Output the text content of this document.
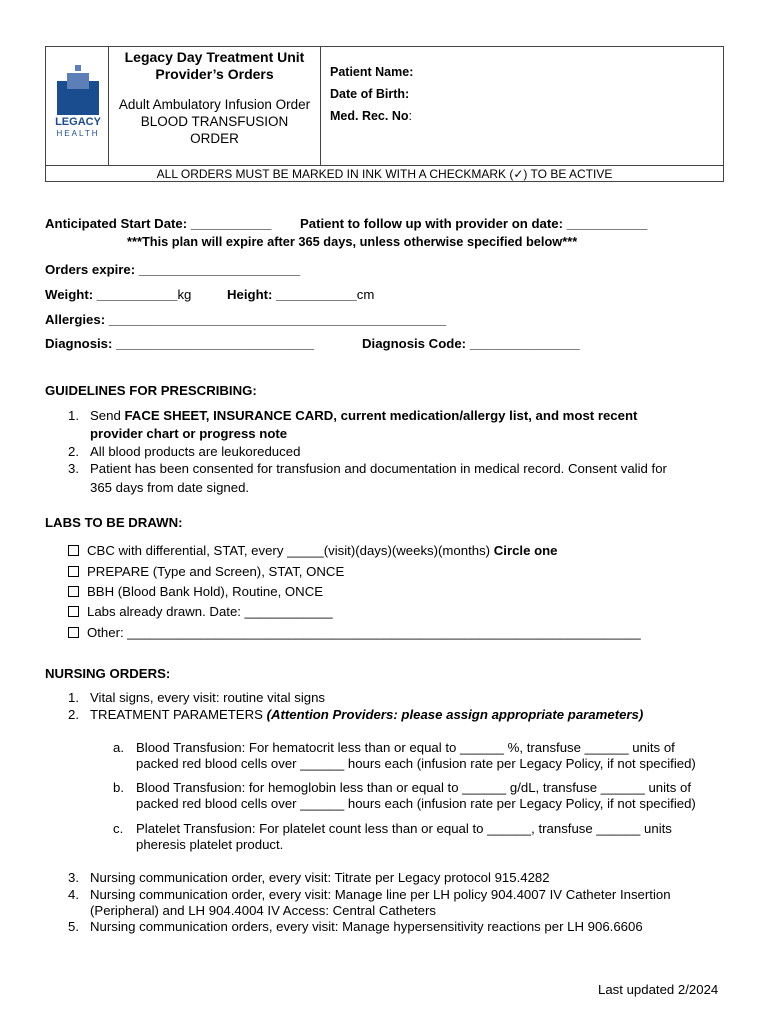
LEGACY
HEALTH
Legacy Day Treatment Unit
Provider’s Orders
Adult Ambulatory Infusion Order
BLOOD TRANSFUSION
ORDER
Patient Name:
Date of Birth:
Med. Rec. No:
ALL ORDERS MUST BE MARKED IN INK WITH A CHECKMARK (✓) TO BE ACTIVE
Anticipated Start Date: ___________ Patient to follow up with provider on date: ___________
***This plan will expire after 365 days, unless otherwise specified below***
Orders expire: ______________________
Weight: ___________kg	Height: ___________cm
Allergies: ______________________________________________
Diagnosis: ___________________________	Diagnosis Code: _______________
GUIDELINES FOR PRESCRIBING:
1. Send FACE SHEET, INSURANCE CARD, current medication/allergy list, and most recent
provider chart or progress note
2. All blood products are leukoreduced
3. Patient has been consented for transfusion and documentation in medical record. Consent valid for
365 days from date signed.
LABS TO BE DRAWN:
CBC with differential, STAT, every _____(visit)(days)(weeks)(months) Circle one
PREPARE (Type and Screen), STAT, ONCE
BBH (Blood Bank Hold), Routine, ONCE
Labs already drawn. Date: ____________
Other: ______________________________________________________________________
NURSING ORDERS:
1. Vital signs, every visit: routine vital signs
2. TREATMENT PARAMETERS (Attention Providers: please assign appropriate parameters)
a. Blood Transfusion: For hematocrit less than or equal to ______ %, transfuse ______ units of
packed red blood cells over ______ hours each (infusion rate per Legacy Policy, if not specified)
b. Blood Transfusion: for hemoglobin less than or equal to ______ g/dL, transfuse ______ units of
packed red blood cells over ______ hours each (infusion rate per Legacy Policy, if not specified)
c. Platelet Transfusion: For platelet count less than or equal to ______, transfuse ______ units
pheresis platelet product.
3. Nursing communication order, every visit: Titrate per Legacy protocol 915.4282
4. Nursing communication order, every visit: Manage line per LH policy 904.4007 IV Catheter Insertion
(Peripheral) and LH 904.4004 IV Access: Central Catheters
5. Nursing communication orders, every visit: Manage hypersensitivity reactions per LH 906.6606
Last updated 2/2024
